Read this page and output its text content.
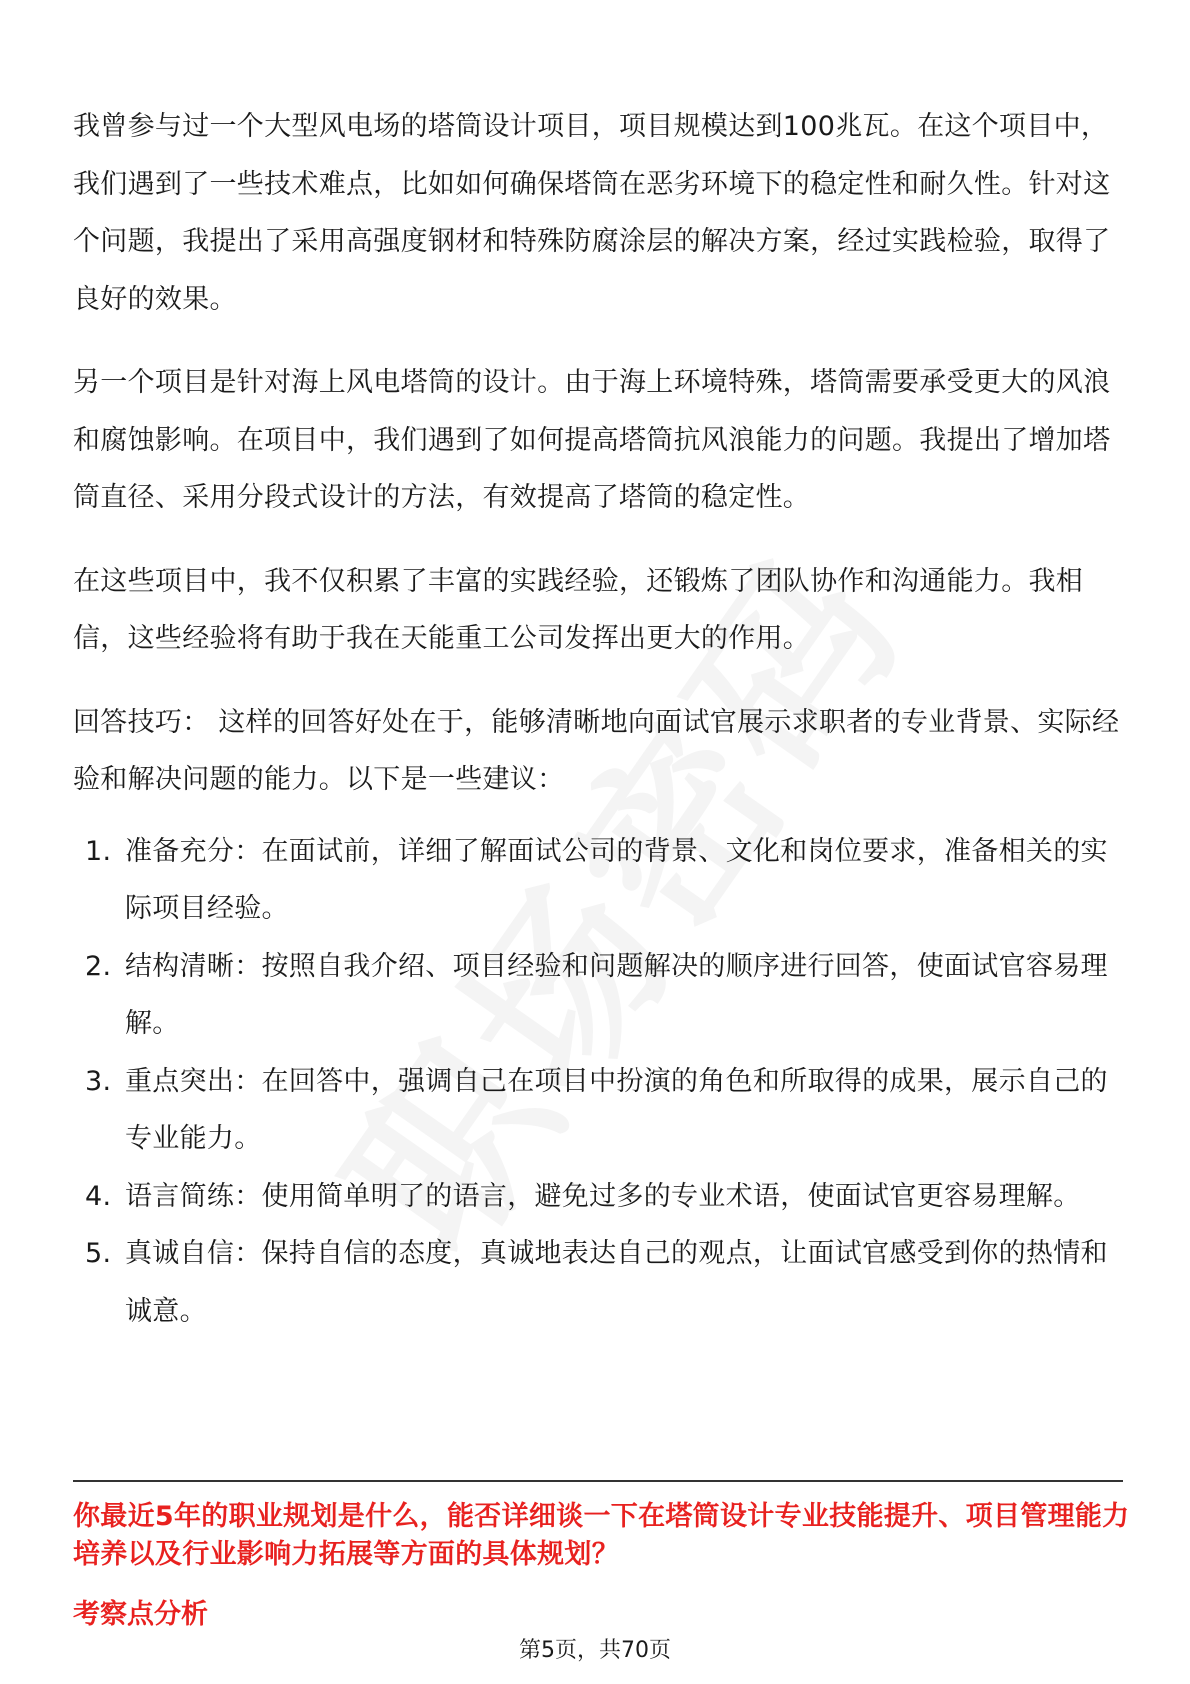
我曾参与过一个大型风电场的塔筒设计项目，项目规模达到100兆瓦。在这个项目中，我们遇到了一些技术难点，比如如何确保塔筒在恶劣环境下的稳定性和耐久性。针对这个问题，我提出了采用高强度钢材和特殊防腐涂层的解决方案，经过实践检验，取得了良好的效果。

另一个项目是针对海上风电塔筒的设计。由于海上环境特殊，塔筒需要承受更大的风浪和腐蚀影响。在项目中，我们遇到了如何提高塔筒抗风浪能力的问题。我提出了增加塔筒直径、采用分段式设计的方法，有效提高了塔筒的稳定性。

在这些项目中，我不仅积累了丰富的实践经验，还锻炼了团队协作和沟通能力。我相信，这些经验将有助于我在天能重工公司发挥出更大的作用。

回答技巧： 这样的回答好处在于，能够清晰地向面试官展示求职者的专业背景、实际经验和解决问题的能力。以下是一些建议：

1. 准备充分：在面试前，详细了解面试公司的背景、文化和岗位要求，准备相关的实际项目经验。
2. 结构清晰：按照自我介绍、项目经验和问题解决的顺序进行回答，使面试官容易理解。
3. 重点突出：在回答中，强调自己在项目中扮演的角色和所取得的成果，展示自己的专业能力。
4. 语言简练：使用简单明了的语言，避免过多的专业术语，使面试官更容易理解。
5. 真诚自信：保持自信的态度，真诚地表达自己的观点，让面试官感受到你的热情和诚意。
你最近5年的职业规划是什么，能否详细谈一下在塔筒设计专业技能提升、项目管理能力培养以及行业影响力拓展等方面的具体规划？
考察点分析
第5页，共70页
